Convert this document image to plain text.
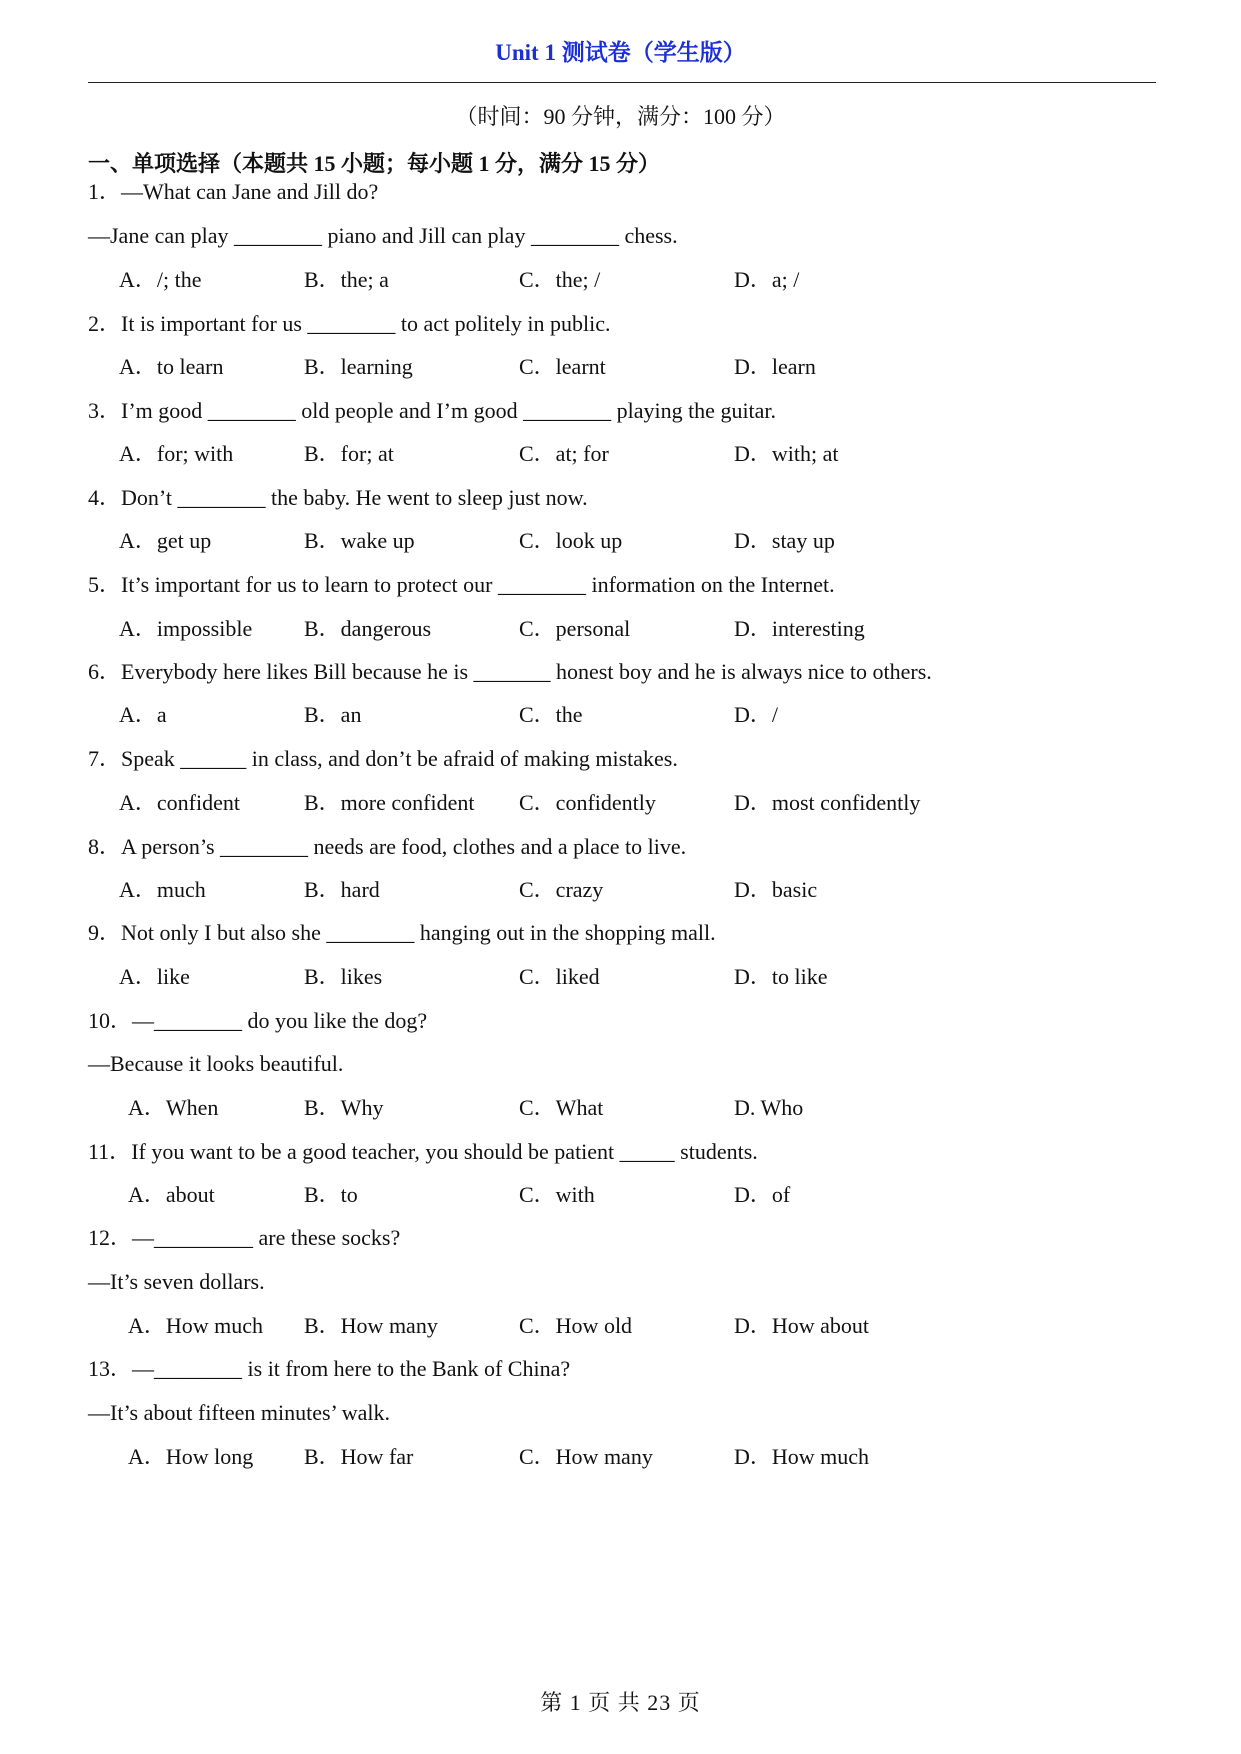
Unit 1 测试卷（学生版）
（时间：90 分钟，满分：100 分）
一、单项选择（本题共 15 小题；每小题 1 分，满分 15 分）
1．—What can Jane and Jill do?
—Jane can play ________ piano and Jill can play ________ chess.
A．/; the	B．the; a	C．the; /	D．a; /
2．It is important for us ________ to act politely in public.
A．to learn	B．learning	C．learnt	D．learn
3．I’m good ________ old people and I’m good ________ playing the guitar.
A．for; with	B．for; at	C．at; for	D．with; at
4．Don’t ________ the baby. He went to sleep just now.
A．get up	B．wake up	C．look up	D．stay up
5．It’s important for us to learn to protect our ________ information on the Internet.
A．impossible B．dangerous	C．personal	D．interesting
6．Everybody here likes Bill because he is _______ honest boy and he is always nice to others.
A．a	B．an	C．the	D．/
7．Speak ______ in class, and don’t be afraid of making mistakes.
A．confident	B．more confident C．confidently	D．most confidently
8．A person’s ________ needs are food, clothes and a place to live.
A．much	B．hard	C．crazy	D．basic
9．Not only I but also she ________ hanging out in the shopping mall.
A．like	B．likes	C．liked	D．to like
10．—________ do you like the dog?
—Because it looks beautiful.
A．When	B．Why	C．What	D. Who
11．If you want to be a good teacher, you should be patient _____ students.
A．about	B．to	C．with	D．of
12．—_________ are these socks?
—It’s seven dollars.
A．How much B．How many	C．How old	D．How about
13．—________ is it from here to the Bank of China?
—It’s about fifteen minutes’ walk.
A．How long B．How far	C．How many	D．How much
第 1 页 共 23 页
